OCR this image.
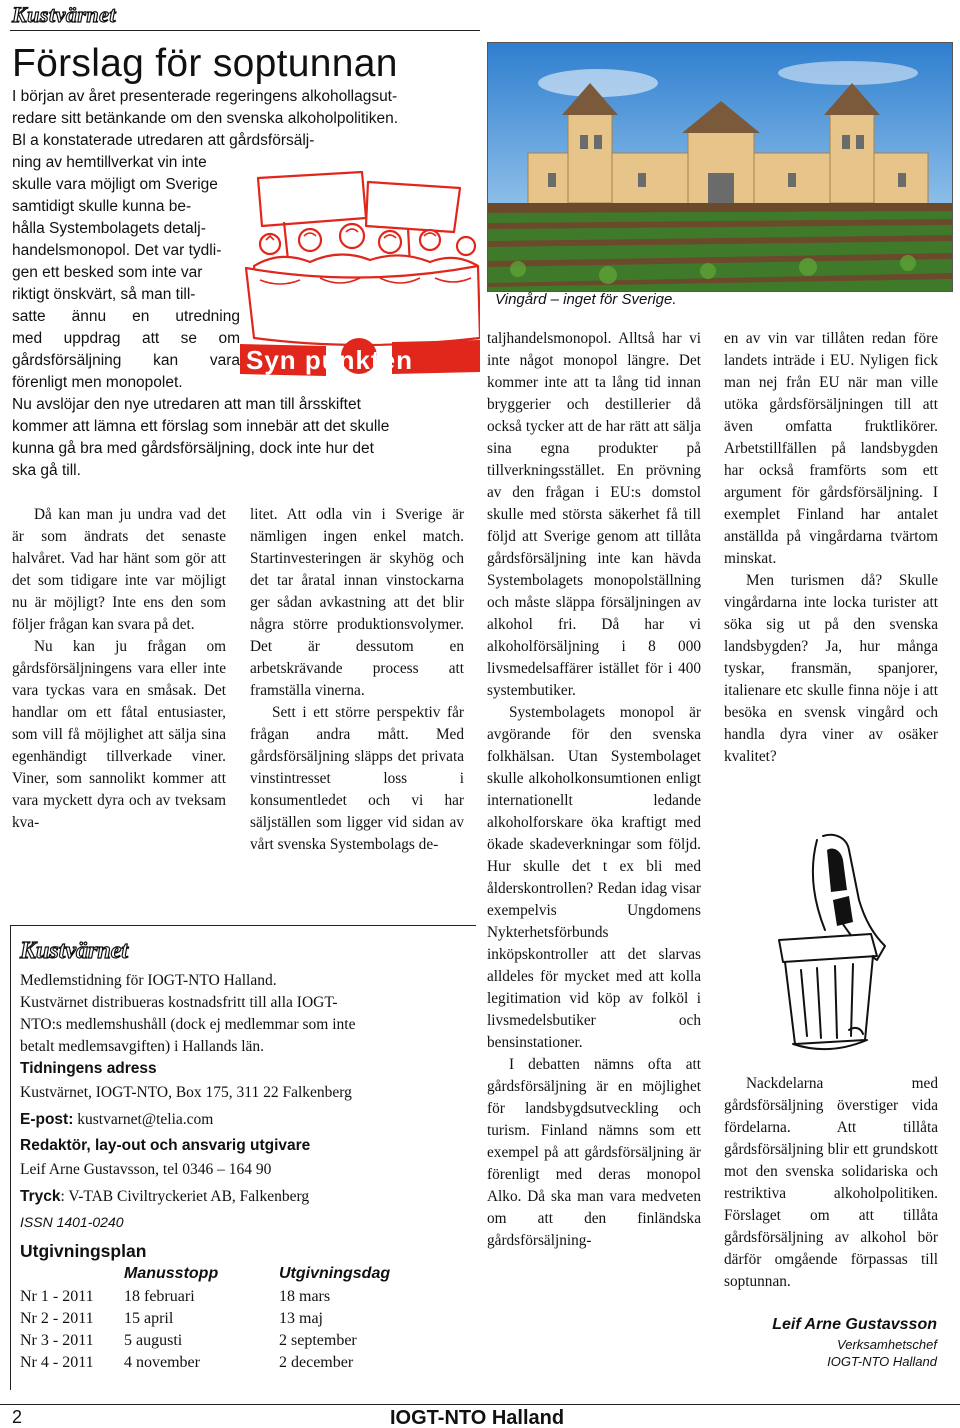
Kustvärnet
Förslag för soptunnan
I början av året presenterade regeringens alkohollagsut-
redare sitt betänkande om den svenska alkoholpolitiken.
Bl a konstaterade utredaren att gårdsförsälj-
ning av hemtillverkat vin inte
skulle vara möjligt om Sverige
samtidigt skulle kunna be-
hålla Systembolagets detalj-
handelsmonopol. Det var tydli-
gen ett besked som inte var
riktigt önskvärt, så man till-
satte ännu en utredning
med uppdrag att se om
gårdsförsäljning kan vara
förenligt men monopolet.
Nu avslöjar den nye utredaren att man till årsskiftet
kommer att lämna ett förslag som innebär att det skulle
kunna gå bra med gårdsförsäljning, dock inte hur det
ska gå till.
Syn punkten
Vingård – inget för Sverige.

Då kan man ju undra vad det är som ändrats det senaste halvåret. Vad har hänt som gör att det som tidigare inte var möjligt nu är möjligt? Inte ens den som följer frågan kan svara på det.

Nu kan ju frågan om gårdsförsäljningens vara eller inte vara tyckas vara en småsak. Det handlar om ett fåtal entusiaster, som vill få möjlighet att sälja sina egenhändigt tillverkade viner. Viner, som sannolikt kommer att vara myckett dyra och av tveksam kva-

litet. Att odla vin i Sverige är nämligen ingen enkel match. Startinvesteringen är skyhög och det tar åratal innan vinstockarna ger sådan avkastning att det blir några större produktionsvolymer. Det är dessutom en arbetskrävande process att framställa vinerna.

Sett i ett större perspektiv får frågan andra mått. Med gårdsförsäljning släpps det privata vinstintresset loss i konsumentledet och vi har säljställen som ligger vid sidan av vårt svenska Systembolags de-

taljhandelsmonopol. Alltså har vi inte något monopol längre. Det kommer inte att ta lång tid innan bryggerier och destillerier då också tycker att de har rätt att sälja sina egna produkter på tillverkningsstället. En prövning av den frågan i EU:s domstol skulle med största säkerhet få till följd att Sverige genom att tillåta gårdsförsäljning inte kan hävda Systembolagets monopolställning och måste släppa försäljningen av alkohol fri. Då har vi alkoholförsäljning i 8 000 livsmedelsaffärer istället för i 400 systembutiker.

Systembolagets monopol är avgörande för den svenska folkhälsan. Utan Systembolaget skulle alkoholkonsumtionen enligt internationellt ledande alkoholforskare öka kraftigt med ökade skadeverkningar som följd. Hur skulle det t ex bli med ålderskontrollen? Redan idag visar exempelvis Ungdomens Nykterhetsförbunds inköpskontroller att det slarvas alldeles för mycket med att kolla legitimation vid köp av folköl i livsmedelsbutiker och bensinstationer.

I debatten nämns ofta att gårdsförsäljning är en möjlighet för landsbygdsutveckling och turism. Finland nämns som ett exempel på att gårdsförsäljning är förenligt med deras monopol Alko. Då ska man vara medveten om att den finländska gårdsförsäljning-

en av vin var tillåten redan före landets inträde i EU. Nyligen fick man nej från EU när man ville utöka gårdsförsäljningen till att även omfatta fruktlikörer. Arbetstillfällen på landsbygden har också framförts som ett argument för gårdsförsäljning. I exemplet Finland har antalet anställda på vingårdarna tvärtom minskat.

Men turismen då? Skulle vingårdarna inte locka turister att söka sig ut på den svenska landsbygden? Ja, hur många tyskar, fransmän, spanjorer, italienare etc skulle finna nöje i att besöka en svensk vingård och handla dyra viner av osäker kvalitet?

Nackdelarna med gårdsförsäljning överstiger vida fördelarna. Att tillåta gårdsförsäljning blir ett grundskott mot den svenska solidariska och restriktiva alkoholpolitiken. Förslaget om att tillåta gårdsförsäljning av alkohol bör därför omgående förpassas till soptunnan.

Leif Arne Gustavsson
Verksamhetschef
IOGT-NTO Halland
Kustvärnet
Medlemstidning för IOGT-NTO Halland.
Kustvärnet distribueras kostnadsfritt till alla IOGT-
NTO:s medlemshushåll (dock ej medlemmar som inte
betalt medlemsavgiften) i Hallands län.
Tidningens adress
Kustvärnet, IOGT-NTO, Box 175, 311 22 Falkenberg
E-post: kustvarnet@telia.com
Redaktör, lay-out och ansvarig utgivare
Leif Arne Gustavsson, tel 0346 – 164 90
Tryck: V-TAB Civiltryckeriet AB, Falkenberg
ISSN 1401-0240
Utgivningsplan
Manusstopp	Utgivningsdag
Nr 1 - 2011 18 februari	18 mars
Nr 2 - 2011 15 april	13 maj
Nr 3 - 2011 5 augusti	2 september
Nr 4 - 2011 4 november	2 december
2	IOGT-NTO Halland
